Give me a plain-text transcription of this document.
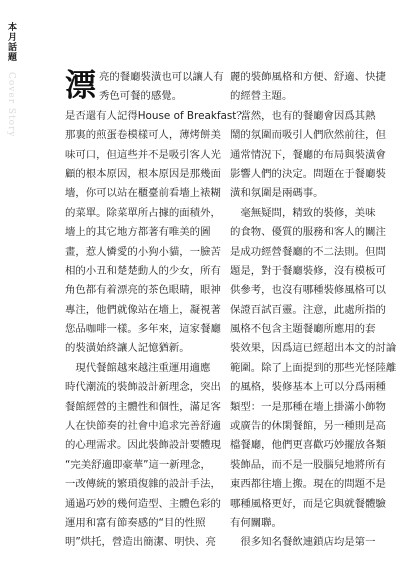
本月話題
Cover Story 漂 亮的餐廳裝潢也可以讓人有
秀色可餐的感覺。
是否還有人記得House of Breakfast？
那裏的煎蛋卷模樣可人，薄烤餅美
味可口，但這些并不是吸引客人光
顧的根本原因，根本原因是那幾面
墻，你可以站在櫃臺前看墻上裱糊
的菜單。除菜單所占據的面積外，
墻上的其它地方都著有唯美的圖
畫，惹人憐愛的小狗小貓，一臉苦
相的小丑和楚楚動人的少女，所有
角色都有着漂亮的茶色眼睛，眼神
專注，他們就像站在墻上，凝視著
您品咖啡一樣。多年來，這家餐廳
的裝潢始終讓人記憶猶新。
　現代餐館越來越注重運用適應
時代潮流的裝飾設計新理念，突出
餐館經營的主體性和個性，滿足客
人在快節奏的社會中追求完善舒適
的心理需求。因此裝飾設計要體現
“完美舒適即豪華”這一新理念，
一改傳統的繁瑣復雜的設計手法，
通過巧妙的幾何造型、主體色彩的
運用和富有節奏感的“目的性照
明”烘托，營造出簡潔、明快、亮
麗的裝飾風格和方便、舒適、快捷
的經營主題。
　當然，也有的餐廳會因爲其熱
鬧的氛圍而吸引人們欣然前往，但
通常情況下，餐廳的布局與裝潢會
影響人們的決定。問題在于餐廳裝
潢和氛圍是兩碼事。
　毫無疑問，精致的裝修，美味
的食物、優質的服務和客人的關注
是成功經營餐廳的不二法則。但問
題是，對于餐廳裝修，沒有模板可
供參考，也沒有哪種裝修風格可以
保證百試百靈。注意，此處所指的
風格不包含主題餐廳所應用的套
裝效果，因爲這已經超出本文的討論
範圍。除了上面提到的那些光怪陸離
的風格，裝修基本上可以分爲兩種
類型：一是那種在墻上掛滿小飾物
或廣告的休閑餐館，另一種則是高
檔餐廳，他們更喜歡巧妙擺放各類
裝飾品，而不是一股腦兒地將所有
東西都往墻上搬。現在的問題不是
哪種風格更好，而是它與就餐體驗
有何關聯。
　很多知名餐飲連鎖店均是第一
